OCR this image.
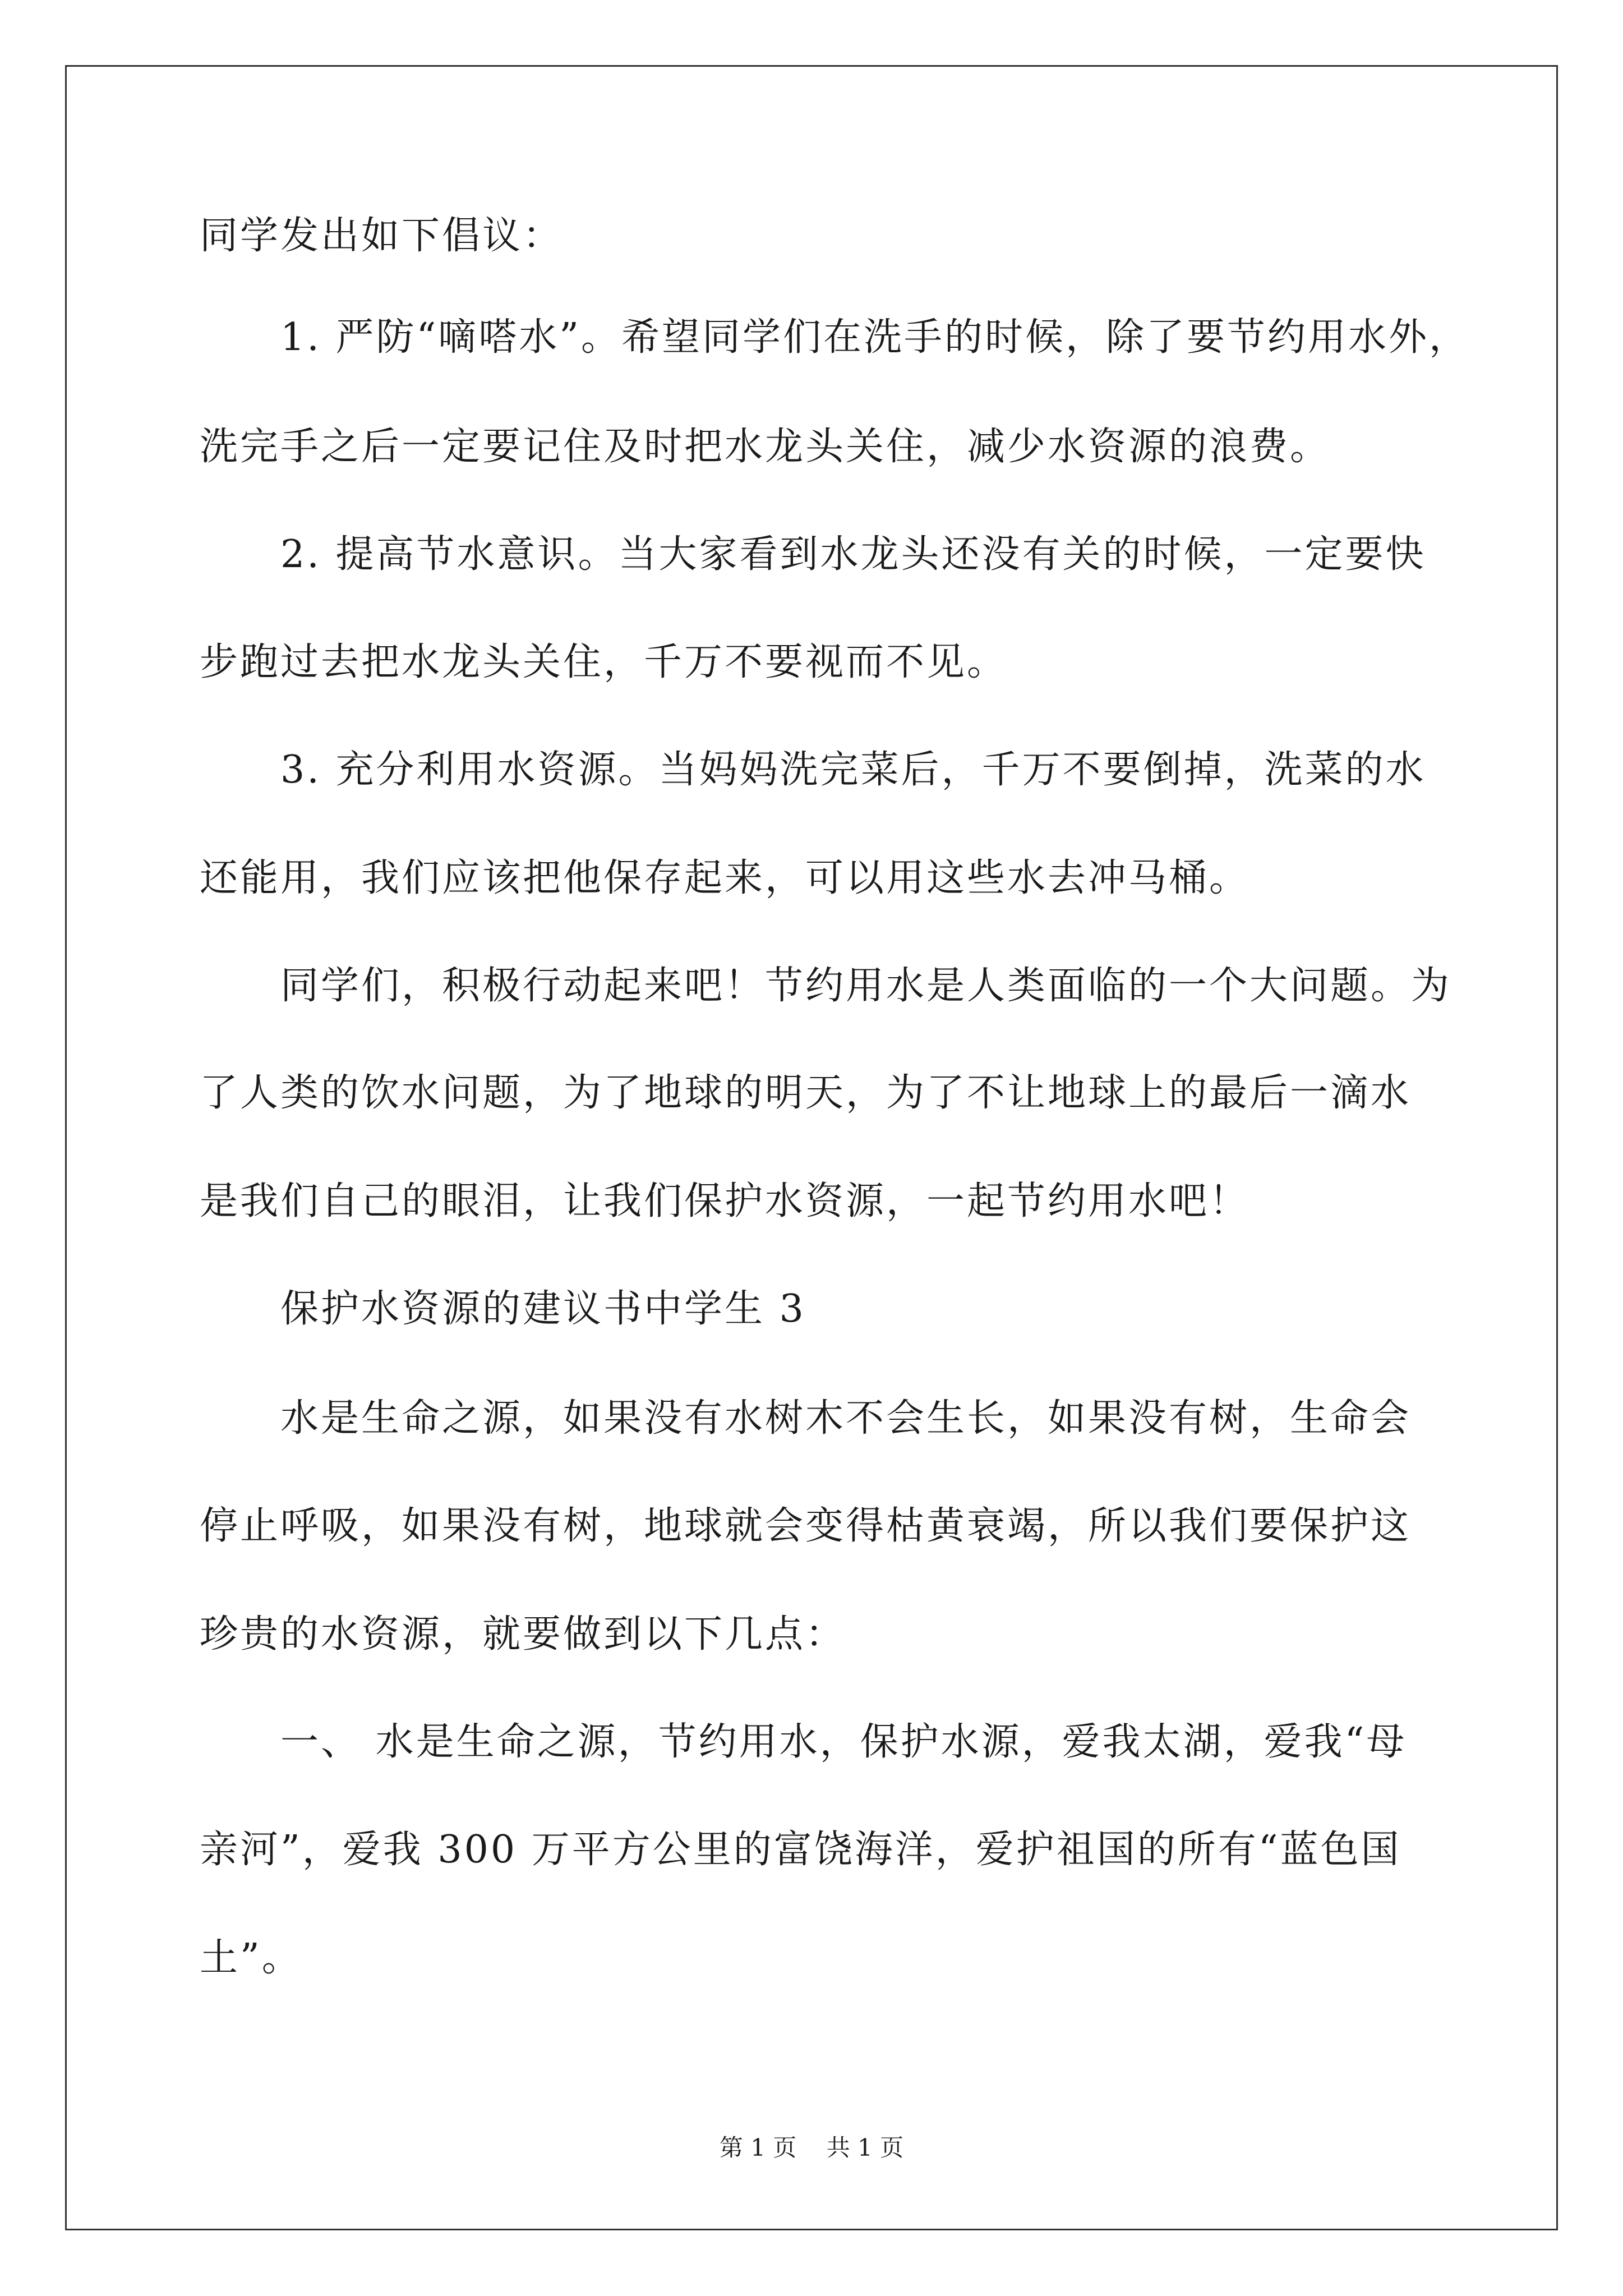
同学发出如下倡议：
1. 严防“嘀嗒水”。希望同学们在洗手的时候，除了要节约用水外，
洗完手之后一定要记住及时把水龙头关住，减少水资源的浪费。
2. 提高节水意识。当大家看到水龙头还没有关的时候，一定要快
步跑过去把水龙头关住，千万不要视而不见。
3. 充分利用水资源。当妈妈洗完菜后，千万不要倒掉，洗菜的水
还能用，我们应该把他保存起来，可以用这些水去冲马桶。
同学们，积极行动起来吧！节约用水是人类面临的一个大问题。为
了人类的饮水问题，为了地球的明天，为了不让地球上的最后一滴水
是我们自己的眼泪，让我们保护水资源，一起节约用水吧！
保护水资源的建议书中学生 3
水是生命之源，如果没有水树木不会生长，如果没有树，生命会
停止呼吸，如果没有树，地球就会变得枯黄衰竭，所以我们要保护这
珍贵的水资源，就要做到以下几点：
一、 水是生命之源，节约用水，保护水源，爱我太湖，爱我“母
亲河”，爱我 300 万平方公里的富饶海洋，爱护祖国的所有“蓝色国
土”。
第 1 页    共 1 页
